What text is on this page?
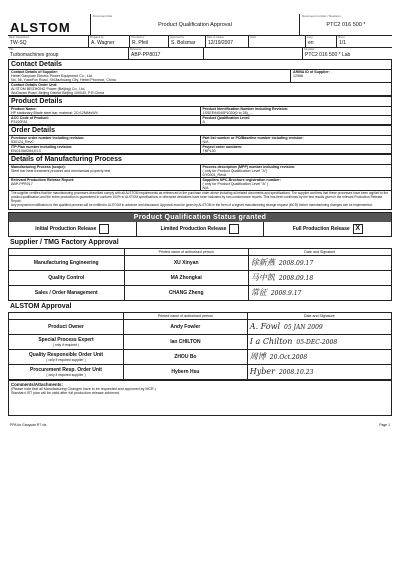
ALSTOM
Document title
Product Qualification Approval
Document number / Revision
PTC2 016 500 *
Resp. Department
TW-SQ
Prepared by
A. Wagner
Checked by
R. Pfeil
Approved by
S. Bolsmar
Date of release
12/19/2007
Class	Lang.
en
Sheet
1/1
Title
Turbomachines group
Reference
ABP-PP8017
Template
PTC2 016 500 * Lab
Contact Details
Contact Details of Supplier:
Hebei Gaoyuan Electric Power Equipment Co., Ltd.
No. 56, YuanFun Road, ShiJiazhuang City, Hebei Province, China
ARIBA ID of Supplier:
12986
Contact Details Order Unit:
ALSTOM BEIZHONG Power (Beijing) Co., Ltd.
WuDaoan Road, Beijing District Beijing 100040, P.R.China
Product Details
Product Name:
HP stationary Blade steel bar, material: 2Cr12NiMoWV
Product Identification Number including Revision:
1SSEE94040P1020(0 to 28)_...
ACC Code of Product:
P3100FA1
Product Qualification Level:
A
Order Details
Purchase order number including revision:
530124_RevC
Part list number or PO/Baseline number including revision:
N/A
ITP Plan number including revision:
ENG10A5284,EL3
Project order numbers:
TNPL30
Details of Manufacturing Process
Manufacturing Process (scope):
Steel bar heat treatment process and mechanical property test
Process description (MPP) number including revision:
( only for Product Qualification Level "A")
DY0001_RevA
Relevant Production Release Report:
ABP-PPR017
Suppliers NPC-Brochure registration number:
( only for Product Qualification Level "A" )
N/A
The supplier certifies that the manufacturing processes described comply with all ALSTOM requirements as referenced in the purchase order above including all related documents and specifications. The supplier confirms that these processes have been applied to the product qualification and the entire production is guaranteed to conform 100% to ALSTOM specifications or otherwise deviations have been indicated by non-conformance reports. This has been confirmed by the test results given in the relevant Production Release Report.
Any proposed modification to this qualified process will be notified to ALSTOM in advance and discussed. Approval must be given by ALSTOM in the form of a signed manufacturing change request (MCR) before manufacturing changes can be implemented.
Product Qualification Status granted
Initial Production Release	Limited Production Release	Full Production Release X
Supplier / TMG Factory Approval
	Printed name of authorised person	Date and Signature
Manufacturing Engineering	XU Xinyan	徐新燕 2008.09.17
Quality Control	MA Zhongkai	马中凯 2008.09.18
Sales / Order Management	CHANG Zheng	常征 2008.9.17
ALSTOM Approval
	Printed name of authorised person	Date and Signature
Product Owner	Andy Fowler	A. Fowl 05 JAN 2009
Special Process Expert
( only if required )	Ian CHILTON	I a Chilton 05-DEC-2008
Quality Responsible Order Unit
( only if required supplier )	ZHOU Bo	周博 20.Oct.2008
Procurement Resp. Order Unit
( only if required supplier )	Hybern Hsu	Hyber 2008.10.23
Comments/Attachments:
(Please note that all Manufacturing Changes have to be requested and approved by MCR.)
Standard IST plan will be valid after full production release achieved.
PPA for Gaoyuan R7.xls	Page 1
